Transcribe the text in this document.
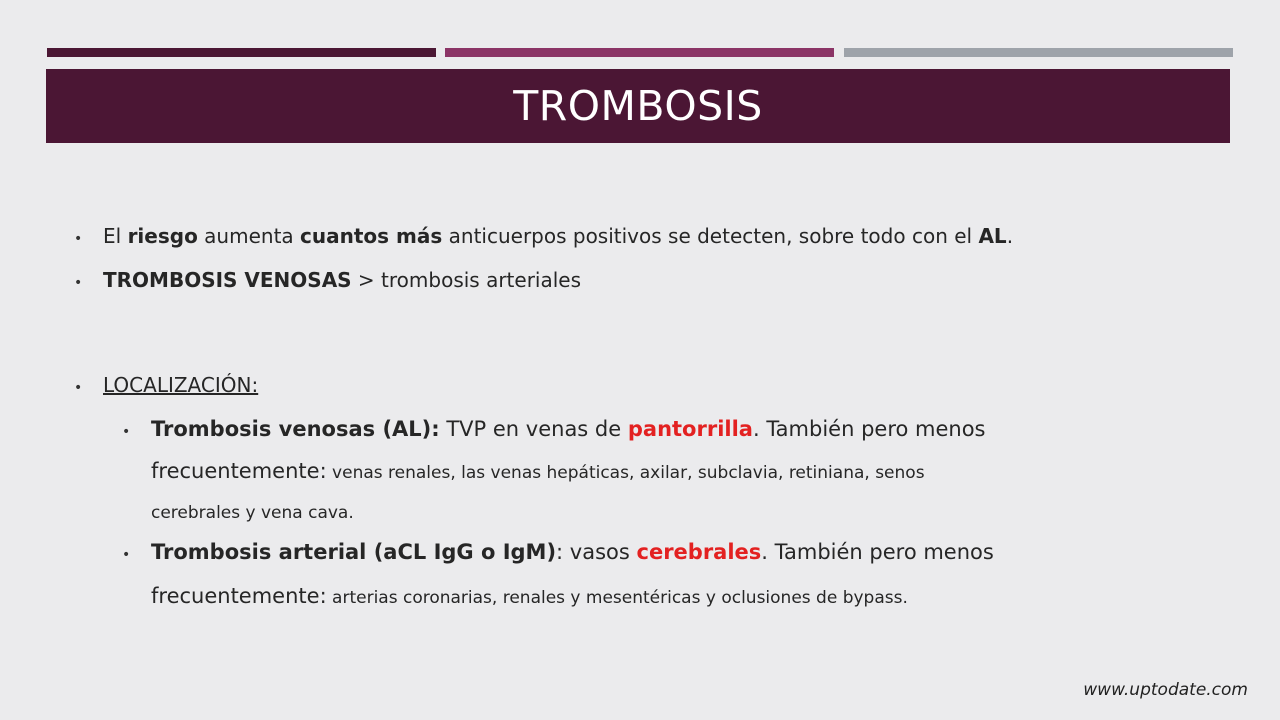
TROMBOSIS
• El riesgo aumenta cuantos más anticuerpos positivos se detecten, sobre todo con el AL.
• TROMBOSIS VENOSAS > trombosis arteriales
• LOCALIZACIÓN:
• Trombosis venosas (AL): TVP en venas de pantorrilla. También pero menos
frecuentemente: venas renales, las venas hepáticas, axilar, subclavia, retiniana, senos
cerebrales y vena cava.
• Trombosis arterial (aCL IgG o IgM): vasos cerebrales. También pero menos
frecuentemente: arterias coronarias, renales y mesentéricas y oclusiones de bypass.
www.uptodate.com
